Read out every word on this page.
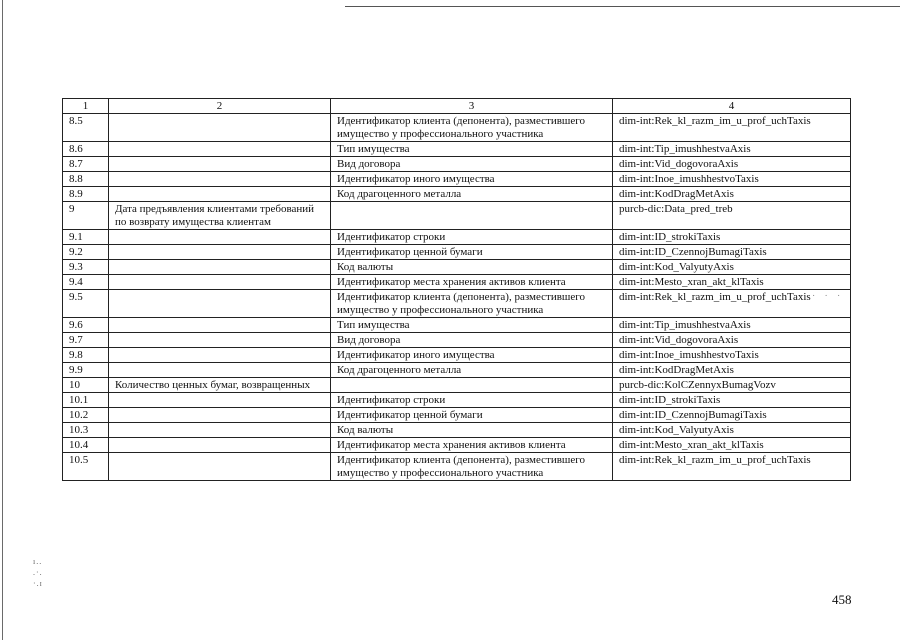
ı..
.·.
·.ɪ
. . . .
1	2	3	4
8.5		Идентификатор клиента (депонента), разместившего имущество у профессионального участника	dim-int:Rek_kl_razm_im_u_prof_uchTaxis
8.6		Тип имущества	dim-int:Tip_imushhestvaAxis
8.7		Вид договора	dim-int:Vid_dogovoraAxis
8.8		Идентификатор иного имущества	dim-int:Inoe_imushhestvoTaxis
8.9		Код драгоценного металла	dim-int:KodDragMetAxis
9	Дата предъявления клиентами требований по возврату имущества клиентам		purcb-dic:Data_pred_treb
9.1		Идентификатор строки	dim-int:ID_strokiTaxis
9.2		Идентификатор ценной бумаги	dim-int:ID_CzennojBumagiTaxis
9.3		Код валюты	dim-int:Kod_ValyutyAxis
9.4		Идентификатор места хранения активов клиента	dim-int:Mesto_xran_akt_klTaxis
9.5		Идентификатор клиента (депонента), разместившего имущество у профессионального участника	dim-int:Rek_kl_razm_im_u_prof_uchTaxis
9.6		Тип имущества	dim-int:Tip_imushhestvaAxis
9.7		Вид договора	dim-int:Vid_dogovoraAxis
9.8		Идентификатор иного имущества	dim-int:Inoe_imushhestvoTaxis
9.9		Код драгоценного металла	dim-int:KodDragMetAxis
10	Количество ценных бумаг, возвращенных		purcb-dic:KolCZennyxBumagVozv
10.1		Идентификатор строки	dim-int:ID_strokiTaxis
10.2		Идентификатор ценной бумаги	dim-int:ID_CzennojBumagiTaxis
10.3		Код валюты	dim-int:Kod_ValyutyAxis
10.4		Идентификатор места хранения активов клиента	dim-int:Mesto_xran_akt_klTaxis
10.5		Идентификатор клиента (депонента), разместившего имущество у профессионального участника	dim-int:Rek_kl_razm_im_u_prof_uchTaxis
458
